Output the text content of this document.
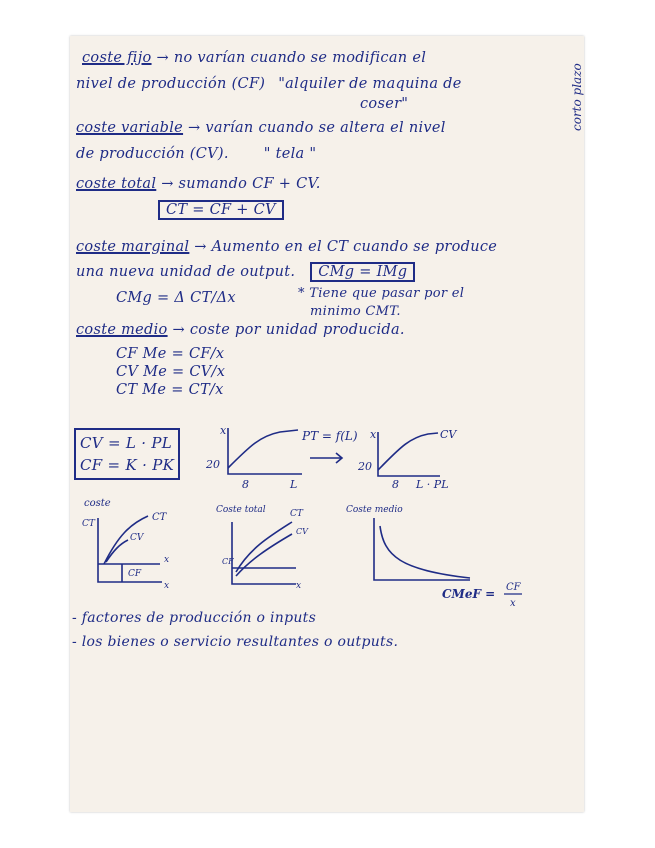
coste fijo → no varían cuando se modifican el
nivel de producción (CF) "alquiler de maquina de
coser"
coste variable → varían cuando se altera el nivel
de producción (CV). " tela "
coste total → sumando CF + CV.
CT = CF + CV
coste marginal → Aumento en el CT cuando se produce
una nueva unidad de output. CMg = IMg
CMg = Δ CT/Δx	* Tiene que pasar por el
minimo CMT.
coste medio → coste por unidad producida.
CF Me = CF/x
CV Me = CV/x
CT Me = CT/x
CV = L · PL
CF = K · PK
x
20
8	L
PT = f(L) x	CV
20
8 L · PL
coste
CT
CT
CV
CF
x
x
Coste total	CT
CV
CF
x
Coste medio
CMeF = CF
x
- factores de producción o inputs
- los bienes o servicio resultantes o outputs.
corto plazo
